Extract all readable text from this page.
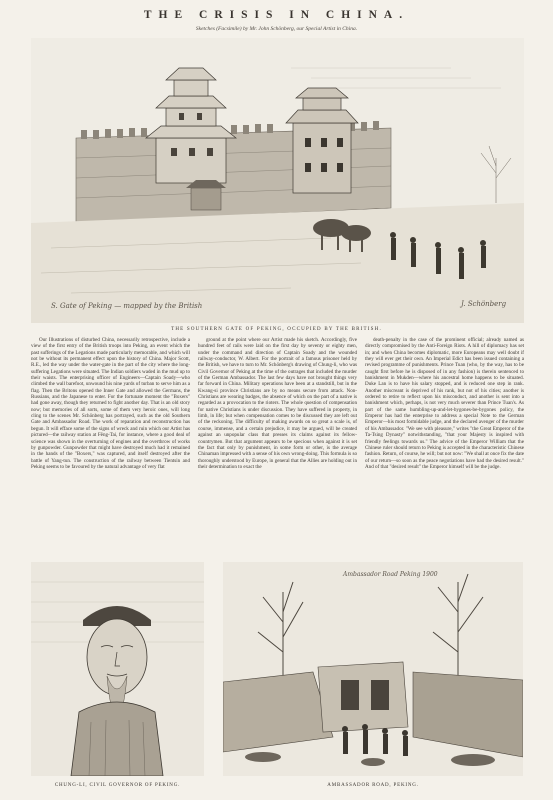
THE CRISIS IN CHINA.
Sketches (Facsimile) by Mr. John Schönberg, our Special Artist in China.
S. Gate of Peking — mapped by the British	J. Schönberg
THE SOUTHERN GATE OF PEKING, OCCUPIED BY THE BRITISH.

Our Illustrations of disturbed China, necessarily retrospective, include a view of the first entry of the British troops into Peking, an event which the past sufferings of the Legations made particularly memorable, and which will not be without its permanent effect upon the history of China. Major Scott, R.E., led the way under the water-gate in the part of the city where the long-suffering Legations were situated. The Indian soldiers waded in the mud up to their waists. The enterprising officer of Engineers—Captain Soady—who climbed the wall barefoot, unwound his nine yards of turban to serve him as a flag. Then the Britons opened the Inner Gate and allowed the Germans, the Russians, and the Japanese to enter. For the fortunate moment the "Boxers" had gone away, though they returned to fight another day. That is an old story now; but memories of all sorts, some of them very heroic ones, will long cling to the scenes Mr. Schönberg has portrayed, such as the old Southern Gate and Ambassador Road. The work of reparation and reconstruction has begun. It will efface some of the signs of wreck and ruin which our Artist has pictured—the railway station at Fêng-Tai, for instance, where a good deal of science was shown in the overturning of engines and the overthrow of works by gunpowder. Gunpowder that might have destroyed much had it remained in the hands of the "Boxers," was captured, and itself destroyed after the battle of Yang-tun. The construction of the railway between Tientsin and Peking seems to be favoured by the natural advantage of very flat

ground at the point where our Artist made his sketch. Accordingly, five hundred feet of rails were laid on the first day by seventy or eighty men, under the command and direction of Captain Soady and the wounded railway-conductor, W. Albert. For the portrait of a famous prisoner held by the British, we have to turn to Mr. Schönberg's drawing of Chung-li, who was Civil Governor of Peking at the time of the outrages that included the murder of the German Ambassador. The last few days have not brought things very far forward in China. Military operations have been at a standstill, but in the Kwang-si province Christians are by no means secure from attack. Non-Christians are wearing badges, the absence of which on the part of a native is regarded as a provocation to the rioters. The whole question of compensation for native Christians is under discussion. They have suffered in property, in limb, in life; but when compensation comes to be discussed they are left out of the reckoning. The difficulty of making awards on so great a scale is, of course, immense, and a certain prejudice, it may be argued, will be created against an unpopular class that presses its claims against its fellow-countrymen. But that argument appears to be specious when against it is set the fact that only by punishment, in some form or other, is the average Chinaman impressed with a sense of his own wrong-doing. This formula is so thoroughly understood by Europe, in general that the Allies are holding out in their determination to exact the

death-penalty in the case of the prominent official; already named as directly compromised by the Anti-Foreign Riots. A hill of diplomacy has set in; and when China becomes diplomatic, more Europeans may well doubt if they will ever get their own. An Imperial Edict has been issued containing a revised programme of punishments. Prince Tuan (who, by the way, has to be caught first before he is disposed of in any fashion) is therein sentenced to banishment in Mukden—where his ancestral home happens to be situated. Duke Lan is to have his salary stopped, and is reduced one step in rank. Another miscreant is deprived of his rank, but not of his cities; another is ordered to retire to reflect upon his misconduct, and another is sent into a banishment which, perhaps, is not very much severer than Prince Tuan's. As part of the same humbling-up-and-let-bygones-be-bygones policy, the Emperor has had the enterprise to address a special Note to the German Emperor—his most formidable judge, and the declared avenger of the murder of his Ambassador. "We see with pleasure," writes "the Great Emperor of the Ta-Tsing Dynasty" notwithstanding, "that your Majesty is inspired with friendly feelings towards us." The advice of the Emperor William that the Chinese ruler should return to Peking is accepted in the characteristic Chinese fashion. Return, of course, he will; but not now: "We shall at once fix the date of our return—so soon as the peace negotiations have had the desired result." And of that "desired result" the Emperor himself will be the judge.

CHUNG-LI, CIVIL GOVERNOR OF PEKING.
Ambassador Road Peking 1900
AMBASSADOR ROAD, PEKING.
